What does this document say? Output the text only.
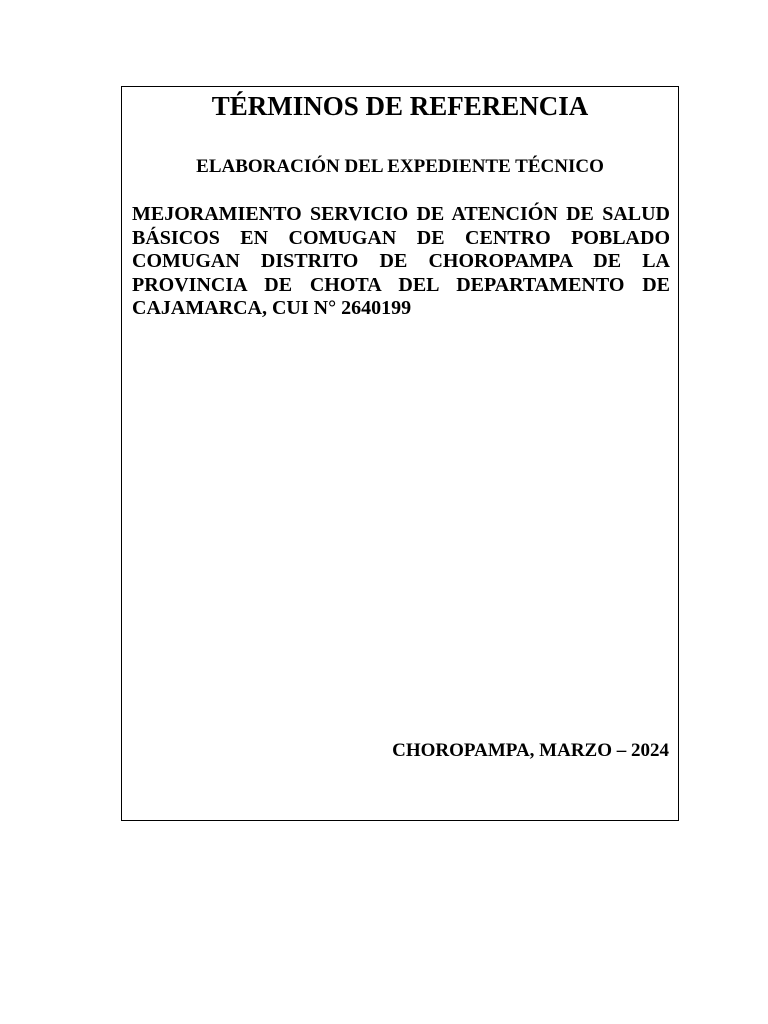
TÉRMINOS DE REFERENCIA
ELABORACIÓN DEL EXPEDIENTE TÉCNICO

MEJORAMIENTO SERVICIO DE ATENCIÓN DE SALUD BÁSICOS EN COMUGAN DE CENTRO POBLADO COMUGAN DISTRITO DE CHOROPAMPA DE LA PROVINCIA DE CHOTA DEL DEPARTAMENTO DE CAJAMARCA, CUI N° 2640199

CHOROPAMPA, MARZO – 2024
